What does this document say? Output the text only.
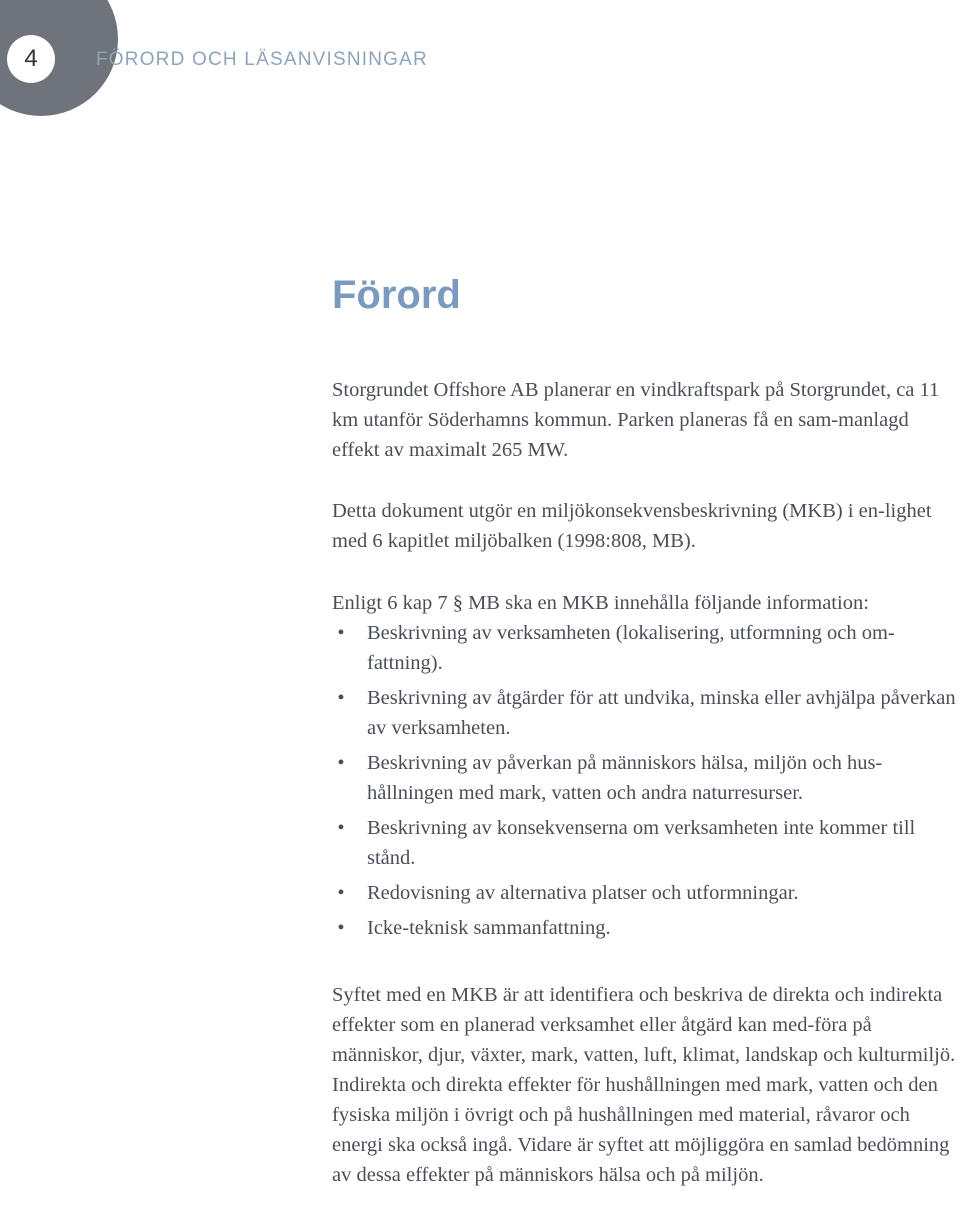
4	FÖRORD OCH LÄSANVISNINGAR
Förord

Storgrundet Offshore AB planerar en vindkraftspark på Storgrundet, ca 11 km utanför Söderhamns kommun. Parken planeras få en sam-manlagd effekt av maximalt 265 MW.

Detta dokument utgör en miljökonsekvensbeskrivning (MKB) i en-lighet med 6 kapitlet miljöbalken (1998:808, MB).

Enligt 6 kap 7 § MB ska en MKB innehålla följande information:

• Beskrivning av verksamheten (lokalisering, utformning och om-fattning).
• Beskrivning av åtgärder för att undvika, minska eller avhjälpa påverkan av verksamheten.
• Beskrivning av påverkan på människors hälsa, miljön och hus-hållningen med mark, vatten och andra naturresurser.
• Beskrivning av konsekvenserna om verksamheten inte kommer till stånd.
• Redovisning av alternativa platser och utformningar.
• Icke-teknisk sammanfattning.

Syftet med en MKB är att identifiera och beskriva de direkta och indirekta effekter som en planerad verksamhet eller åtgärd kan med-föra på människor, djur, växter, mark, vatten, luft, klimat, landskap och kulturmiljö. Indirekta och direkta effekter för hushållningen med mark, vatten och den fysiska miljön i övrigt och på hushållningen med material, råvaror och energi ska också ingå. Vidare är syftet att möjliggöra en samlad bedömning av dessa effekter på människors hälsa och på miljön.
